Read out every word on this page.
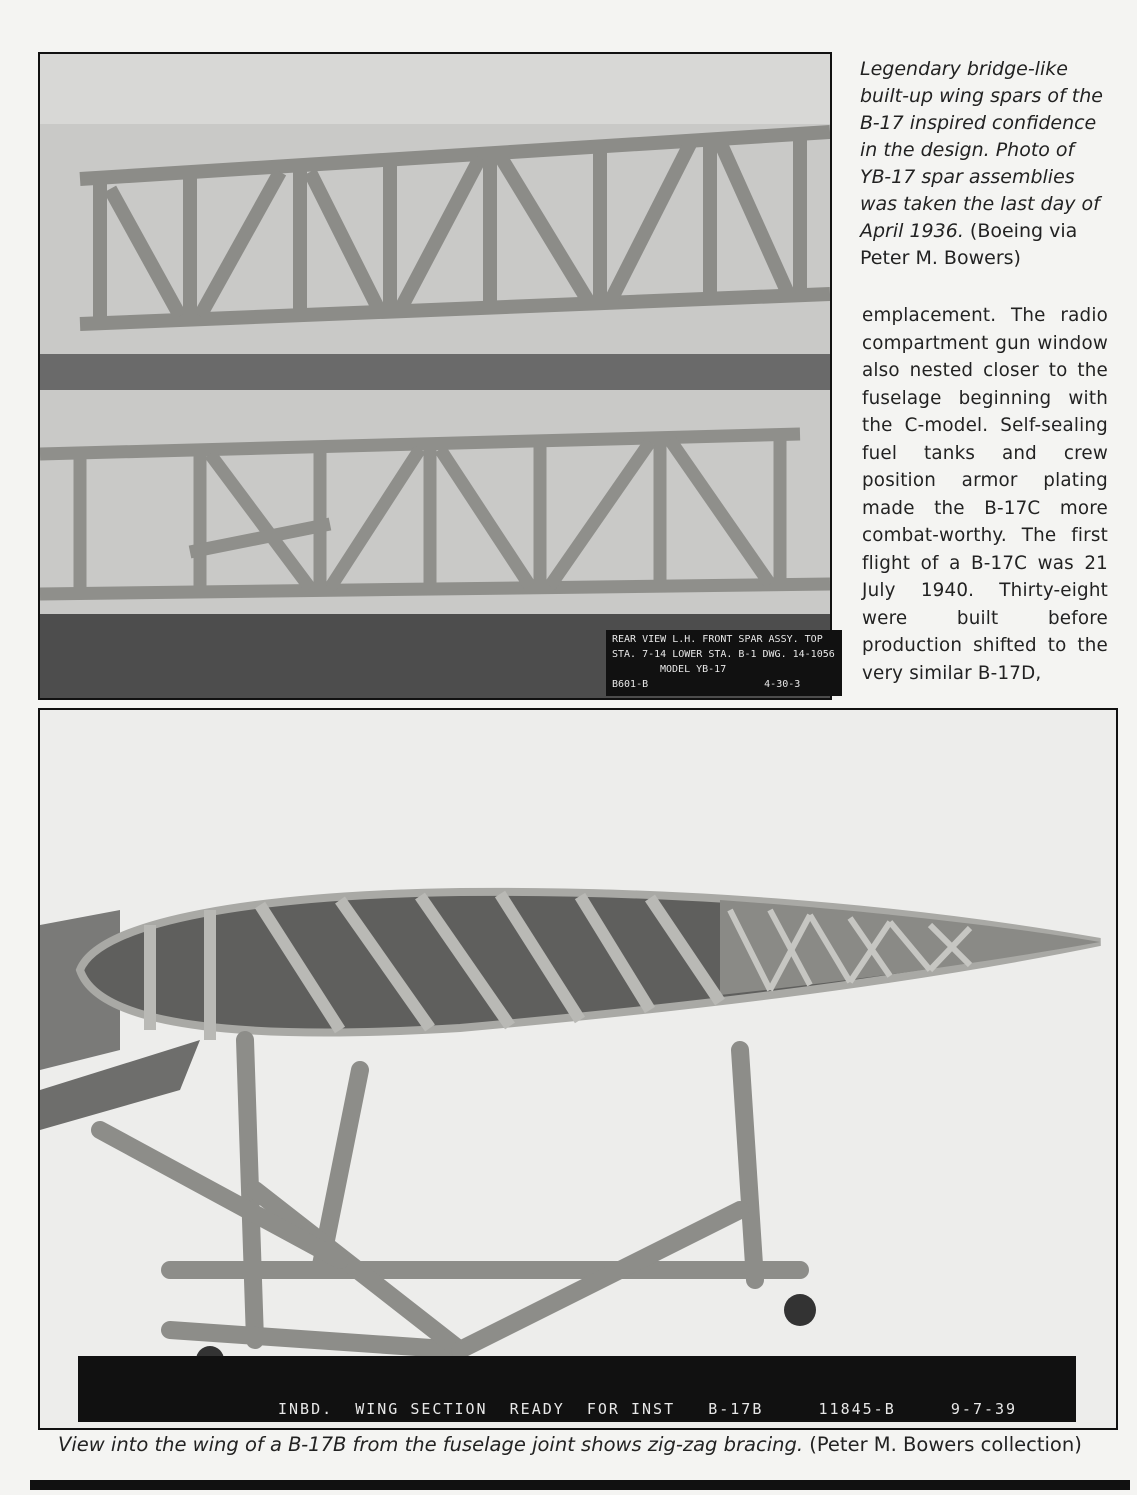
REAR VIEW L.H. FRONT SPAR ASSY. TOP
STA. 7-14 LOWER STA. B-1 DWG. 14-1056
MODEL YB-17
B601-B	4-30-3
Legendary bridge-like built-up wing spars of the B-17 inspired confidence in the design. Photo of YB-17 spar assemblies was taken the last day of April 1936. (Boeing via Peter M. Bowers)
emplacement. The radio compartment gun window also nested closer to the fuselage beginning with the C-model. Self-sealing fuel tanks and crew position armor plating made the B-17C more combat-worthy. The first flight of a B-17C was 21 July 1940. Thirty-eight were built before production shifted to the very similar B-17D,
INBD.  WING SECTION  READY  FOR INST   B-17B     11845-B     9-7-39
View into the wing of a B-17B from the fuselage joint shows zig-zag bracing. (Peter M. Bowers collection)
